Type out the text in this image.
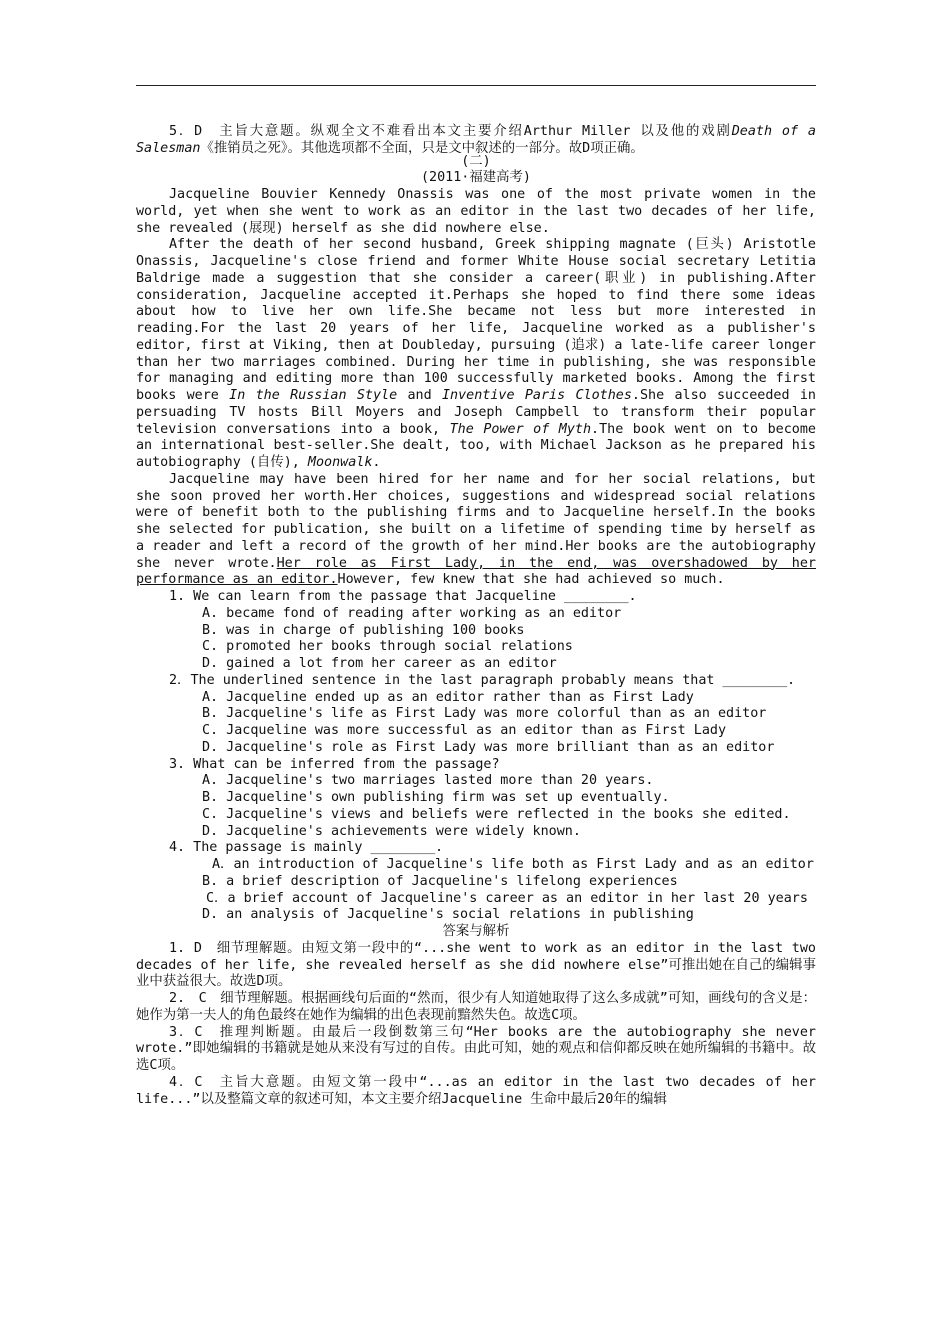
5．D　主旨大意题。纵观全文不难看出本文主要介绍Arthur Miller 以及他的戏剧Death of a Salesman《推销员之死》。其他选项都不全面，只是文中叙述的一部分。故D项正确。
(二)
(2011·福建高考)
Jacqueline Bouvier Kennedy Onassis was one of the most private women in the world, yet when she went to work as an editor in the last two decades of her life, she revealed (展现) herself as she did nowhere else.
After the death of her second husband, Greek shipping magnate (巨头) Aristotle Onassis, Jacqueline's close friend and former White House social secretary Letitia Baldrige made a suggestion that she consider a career(职业) in publishing.After consideration, Jacqueline accepted it.Perhaps she hoped to find there some ideas about how to live her own life.She became not less but more interested in reading.For the last 20 years of her life, Jacqueline worked as a publisher's editor, first at Viking, then at Doubleday, pursuing (追求) a late-life career longer than her two marriages combined. During her time in publishing, she was responsible for managing and editing more than 100 successfully marketed books. Among the first books were In the Russian Style and Inventive Paris Clothes.She also succeeded in persuading TV hosts Bill Moyers and Joseph Campbell to transform their popular television conversations into a book, The Power of Myth.The book went on to become an international best-seller.She dealt, too, with Michael Jackson as he prepared his autobiography (自传), Moonwalk.
Jacqueline may have been hired for her name and for her social relations, but she soon proved her worth.Her choices, suggestions and widespread social relations were of benefit both to the publishing firms and to Jacqueline herself.In the books she selected for publication, she built on a lifetime of spending time by herself as a reader and left a record of the growth of her mind.Her books are the autobiography she never wrote.Her role as First Lady, in the end, was overshadowed by her performance as an editor.However, few knew that she had achieved so much.
1. We can learn from the passage that Jacqueline ________.
A. became fond of reading after working as an editor
B. was in charge of publishing 100 books
C. promoted her books through social relations
D. gained a lot from her career as an editor
2．The underlined sentence in the last paragraph probably means that ________.
A. Jacqueline ended up as an editor rather than as First Lady
B. Jacqueline's life as First Lady was more colorful than as an editor
C. Jacqueline was more successful as an editor than as First Lady
D. Jacqueline's role as First Lady was more brilliant than as an editor
3. What can be inferred from the passage?
A. Jacqueline's two marriages lasted more than 20 years.
B. Jacqueline's own publishing firm was set up eventually.
C. Jacqueline's views and beliefs were reflected in the books she edited.
D. Jacqueline's achievements were widely known.
4. The passage is mainly ________.
A．an introduction of Jacqueline's life both as First Lady and as an editor
B. a brief description of Jacqueline's lifelong experiences
C．a brief account of Jacqueline's career as an editor in her last 20 years
D. an analysis of Jacqueline's social relations in publishing
答案与解析
1. D　细节理解题。由短文第一段中的“...she went to work as an editor in the last two decades of her life, she revealed herself as she did nowhere else”可推出她在自己的编辑事业中获益很大。故选D项。
2.　C　细节理解题。根据画线句后面的“然而，很少有人知道她取得了这么多成就”可知，画线句的含义是：她作为第一夫人的角色最终在她作为编辑的出色表现前黯然失色。故选C项。
3．C　推理判断题。由最后一段倒数第三句“Her books are the autobiography she never wrote.”即她编辑的书籍就是她从来没有写过的自传。由此可知，她的观点和信仰都反映在她所编辑的书籍中。故选C项。
4．C　主旨大意题。由短文第一段中“...as an editor in the last two decades of her life...”以及整篇文章的叙述可知，本文主要介绍Jacqueline 生命中最后20年的编辑
